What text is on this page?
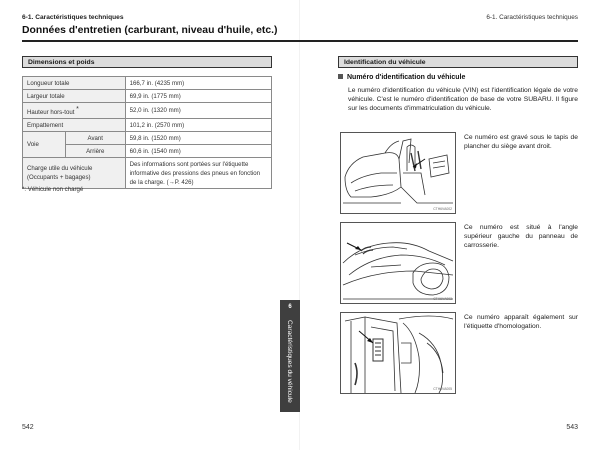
6-1. Caractéristiques techniques
Données d'entretien (carburant, niveau d'huile, etc.)
Dimensions et poids
Longueur totale		166,7 in. (4235 mm)
Largeur totale		69,9 in. (1775 mm)
Hauteur hors-tout *		52,0 in. (1320 mm)
Empattement		101,2 in. (2570 mm)
Voie	Avant	59,8 in. (1520 mm)
	Arrière	60,6 in. (1540 mm)
Charge utile du véhicule (Occupants + bagages)		Des informations sont portées sur l'étiquette informative des pressions des pneus en fonction de la charge. (→P. 426)
*: Véhicule non chargé
542
6-1. Caractéristiques techniques
Identification du véhicule
Numéro d'identification du véhicule
Le numéro d'identification du véhicule (VIN) est l'identification légale de votre véhicule. C'est le numéro d'identification de base de votre SUBARU. Il figure sur les documents d'immatriculation du véhicule.
CTH6VA002
Ce numéro est gravé sous le tapis de plancher du siège avant droit.
CTH6VA003
Ce numéro est situé à l'angle supérieur gauche du panneau de carrosserie.
CTH6VA005
Ce numéro apparaît également sur l'étiquette d'homologation.
543
6
Caractéristiques du véhicule
